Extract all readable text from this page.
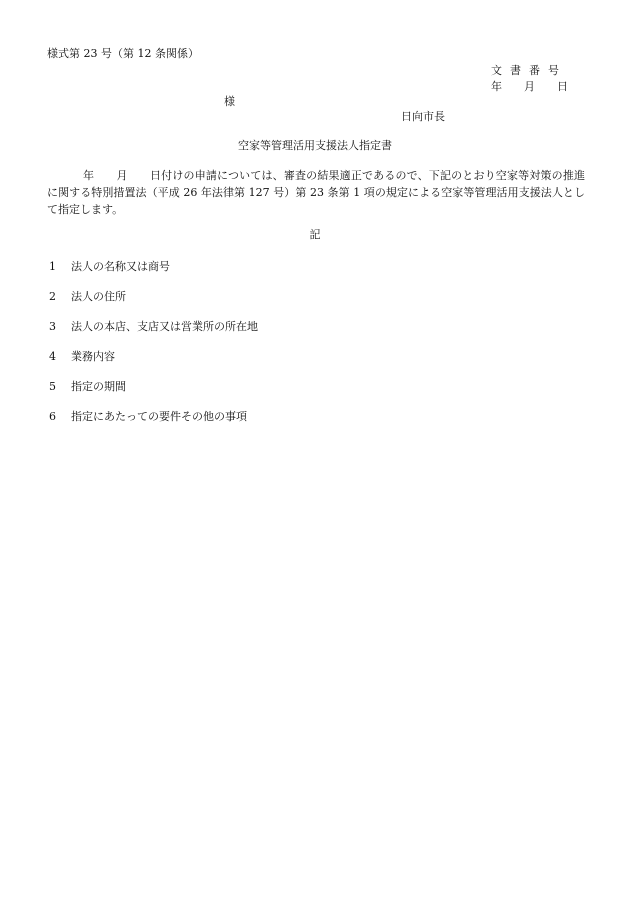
様式第 23 号（第 12 条関係）
文書番号
年 月 日
様
日向市長
空家等管理活用支援法人指定書
年　　月　　日付けの申請については、審査の結果適正であるので、下記のとおり空家等対策の推進に関する特別措置法（平成 26 年法律第 127 号）第 23 条第 1 項の規定による空家等管理活用支援法人として指定します。
記
1 法人の名称又は商号
2 法人の住所
3 法人の本店、支店又は営業所の所在地
4 業務内容
5 指定の期間
6 指定にあたっての要件その他の事項
